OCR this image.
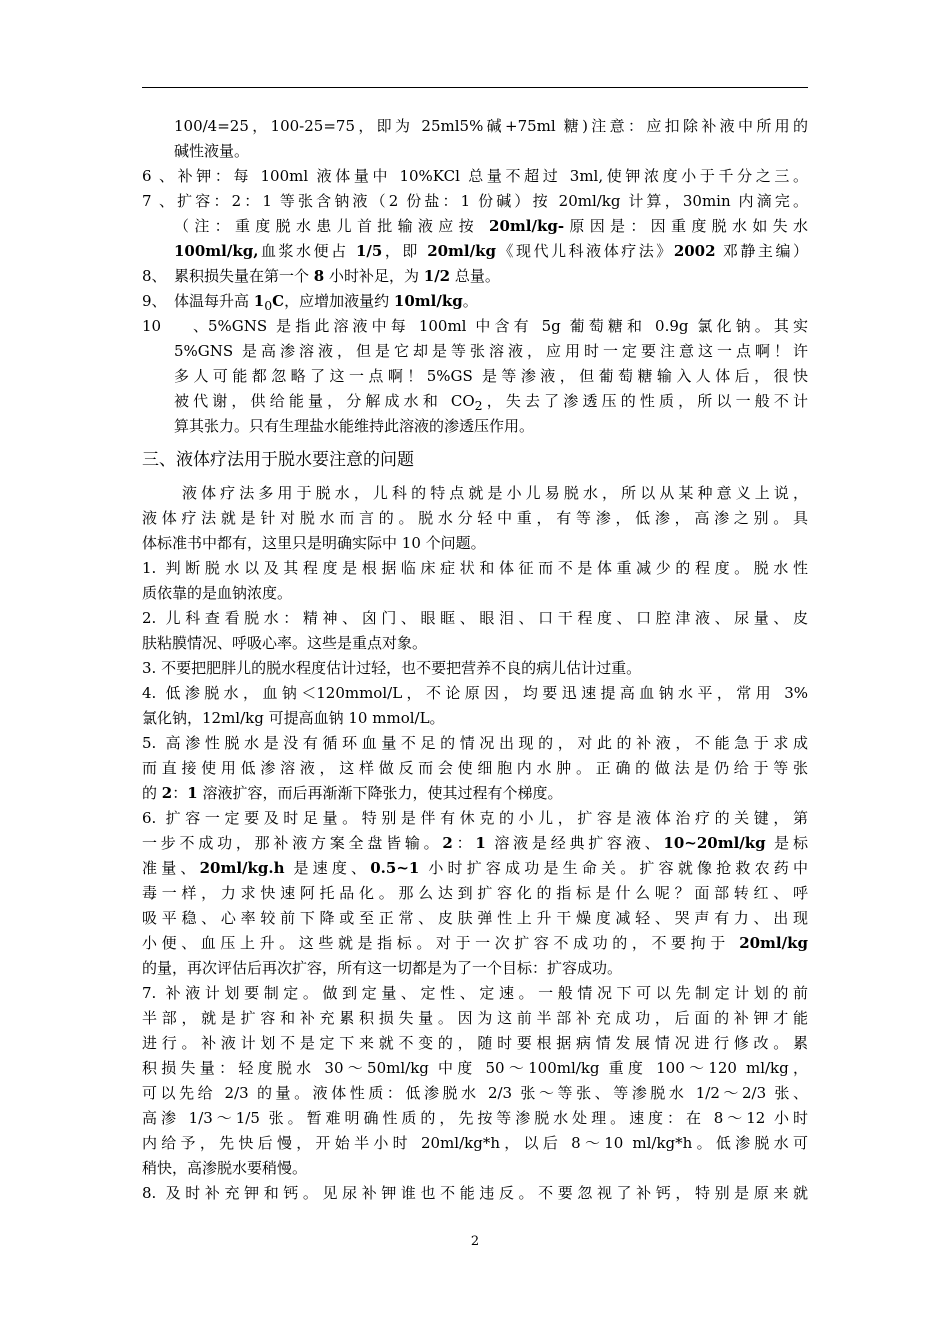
100/4=25，100-25=75，即为 25ml5%碱+75ml 糖)注意：应扣除补液中所用的
碱性液量。
6、补钾：每 100ml 液体量中 10%KCl 总量不超过 3ml,使钾浓度小于千分之三。
7、扩容：2：1 等张含钠液（2 份盐：1 份碱）按 20ml/kg 计算，30min 内滴完。
（注：重度脱水患儿首批输液应按 20ml/kg-原因是：因重度脱水如失水
100ml/kg,血浆水便占 1/5，即 20ml/kg《现代儿科液体疗法》2002 邓静主编）
8、 累积损失量在第一个 8 小时补足，为 1/2 总量。
9、 体温每升高 $1_0C$，应增加液量约 10ml/kg。
10、5%GNS 是指此溶液中每 100ml 中含有 5g 葡萄糖和 0.9g 氯化钠。其实
5%GNS 是高渗溶液，但是它却是等张溶液，应用时一定要注意这一点啊！许
多人可能都忽略了这一点啊！5%GS 是等渗液，但葡萄糖输入人体后，很快
被代谢，供给能量，分解成水和 $CO_2$，失去了渗透压的性质，所以一般不计
算其张力。只有生理盐水能维持此溶液的渗透压作用。
三、液体疗法用于脱水要注意的问题
液体疗法多用于脱水，儿科的特点就是小儿易脱水，所以从某种意义上说，
液体疗法就是针对脱水而言的。脱水分轻中重，有等渗，低渗，高渗之别。具
体标准书中都有，这里只是明确实际中 10 个问题。
1. 判断脱水以及其程度是根据临床症状和体征而不是体重减少的程度。脱水性
质依靠的是血钠浓度。
2. 儿科查看脱水：精神、囟门、眼眶、眼泪、口干程度、口腔津液、尿量、皮
肤粘膜情况、呼吸心率。这些是重点对象。
3. 不要把肥胖儿的脱水程度估计过轻，也不要把营养不良的病儿估计过重。
4. 低渗脱水，血钠＜120mmol/L，不论原因，均要迅速提高血钠水平，常用 3%
氯化钠，12ml/kg 可提高血钠 10 mmol/L。
5. 高渗性脱水是没有循环血量不足的情况出现的，对此的补液，不能急于求成
而直接使用低渗溶液，这样做反而会使细胞内水肿。正确的做法是仍给于等张
的 2：1 溶液扩容，而后再渐渐下降张力，使其过程有个梯度。
6. 扩容一定要及时足量。特别是伴有休克的小儿，扩容是液体治疗的关键，第
一步不成功，那补液方案全盘皆输。2：1 溶液是经典扩容液、10~20ml/kg 是标
准量、20ml/kg.h 是速度、0.5~1 小时扩容成功是生命关。扩容就像抢救农药中
毒一样，力求快速阿托品化。那么达到扩容化的指标是什么呢？面部转红、呼
吸平稳、心率较前下降或至正常、皮肤弹性上升干燥度减轻、哭声有力、出现
小便、血压上升。这些就是指标。对于一次扩容不成功的，不要拘于 20ml/kg
的量，再次评估后再次扩容，所有这一切都是为了一个目标：扩容成功。
7. 补液计划要制定。做到定量、定性、定速。一般情况下可以先制定计划的前
半部，就是扩容和补充累积损失量。因为这前半部补充成功，后面的补钾才能
进行。补液计划不是定下来就不变的，随时要根据病情发展情况进行修改。累
积损失量：轻度脱水 30～50ml/kg 中度 50～100ml/kg 重度 100～120 ml/kg，
可以先给 2/3 的量。液体性质：低渗脱水 2/3 张～等张、等渗脱水 1/2～2/3 张、
高渗 1/3～1/5 张。暂难明确性质的，先按等渗脱水处理。速度：在 8～12 小时
内给予，先快后慢，开始半小时 20ml/kg*h，以后 8～10 ml/kg*h。低渗脱水可
稍快，高渗脱水要稍慢。
8. 及时补充钾和钙。见尿补钾谁也不能违反。不要忽视了补钙，特别是原来就
2
